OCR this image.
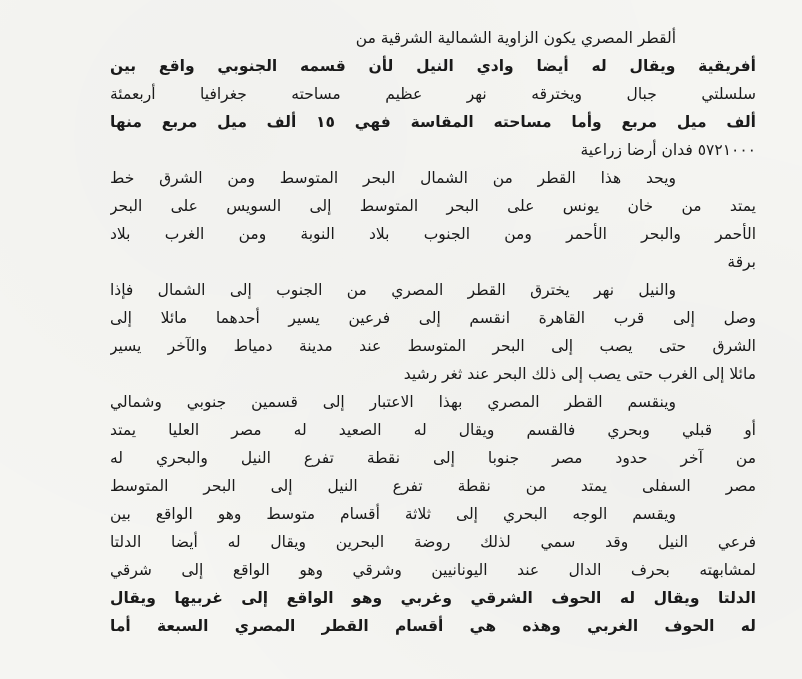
ألقطر المصري يكون الزاوية الشمالية الشرقية من
أفريقية ويقال له أيضا وادي النيل لأن قسمه الجنوبي واقع بين
سلسلتي جبال ويخترقه نهر عظيم مساحته جغرافيا أربعمئة
ألف ميل مربع وأما مساحته المقاسة فهي ١٥ ألف ميل مربع منها
٥٧٢١٠٠٠ فدان أرضا زراعية
ويحد هذا القطر من الشمال البحر المتوسط ومن الشرق خط
يمتد من خان يونس على البحر المتوسط إلى السويس على البحر
الأحمر والبحر الأحمر ومن الجنوب بلاد النوبة ومن الغرب بلاد
برقة
والنيل نهر يخترق القطر المصري من الجنوب إلى الشمال فإذا
وصل إلى قرب القاهرة انقسم إلى فرعين يسير أحدهما مائلا إلى
الشرق حتى يصب إلى البحر المتوسط عند مدينة دمياط والآخر يسير
مائلا إلى الغرب حتى يصب إلى ذلك البحر عند ثغر رشيد
وينقسم القطر المصري بهذا الاعتبار إلى قسمين جنوبي وشمالي
أو قبلي وبحري فالقسم ويقال له الصعيد له مصر العليا يمتد
من آخر حدود مصر جنوبا إلى نقطة تفرع النيل والبحري له
مصر السفلى يمتد من نقطة تفرع النيل إلى البحر المتوسط
ويقسم الوجه البحري إلى ثلاثة أقسام متوسط وهو الواقع بين
فرعي النيل وقد سمي لذلك روضة البحرين ويقال له أيضا الدلتا
لمشابهته بحرف الدال عند اليونانيين وشرقي وهو الواقع إلى شرقي
الدلتا ويقال له الحوف الشرقي وغربي وهو الواقع إلى غربيها ويقال
له الحوف الغربي وهذه هي أقسام القطر المصري السبعة أما
